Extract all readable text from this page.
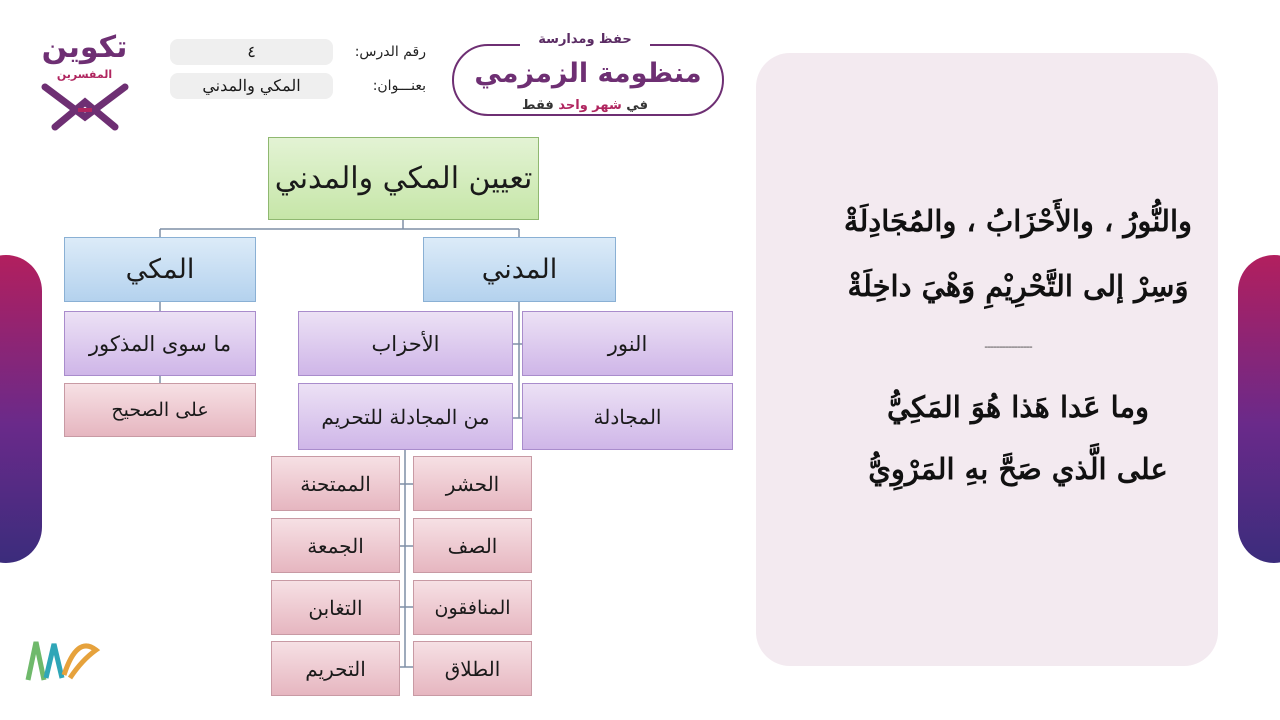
تكوين
المفسرين
رقم الدرس:
٤
بعنـــوان:
المكي والمدني
حفظ ومدارسة
منظومة الزمزمي
في شهر واحد فقط
تعيين المكي والمدني
المكي	المدني
ما سوى المذكور
على الصحيح
الأحزاب
من المجادلة للتحريم
النور
المجادلة
الحشر
الصف
المنافقون
الطلاق
الممتحنة
الجمعة
التغابن
التحريم
والنُّورُ ، والأَحْزَابُ ، والمُجَادِلَةْ
وَسِرْ إلى التَّحْرِيْمِ وَهْيَ داخِلَةْ
----------------
وما عَدا هَذا هُوَ المَكِيُّ
على الَّذي صَحَّ بهِ المَرْوِيُّ
